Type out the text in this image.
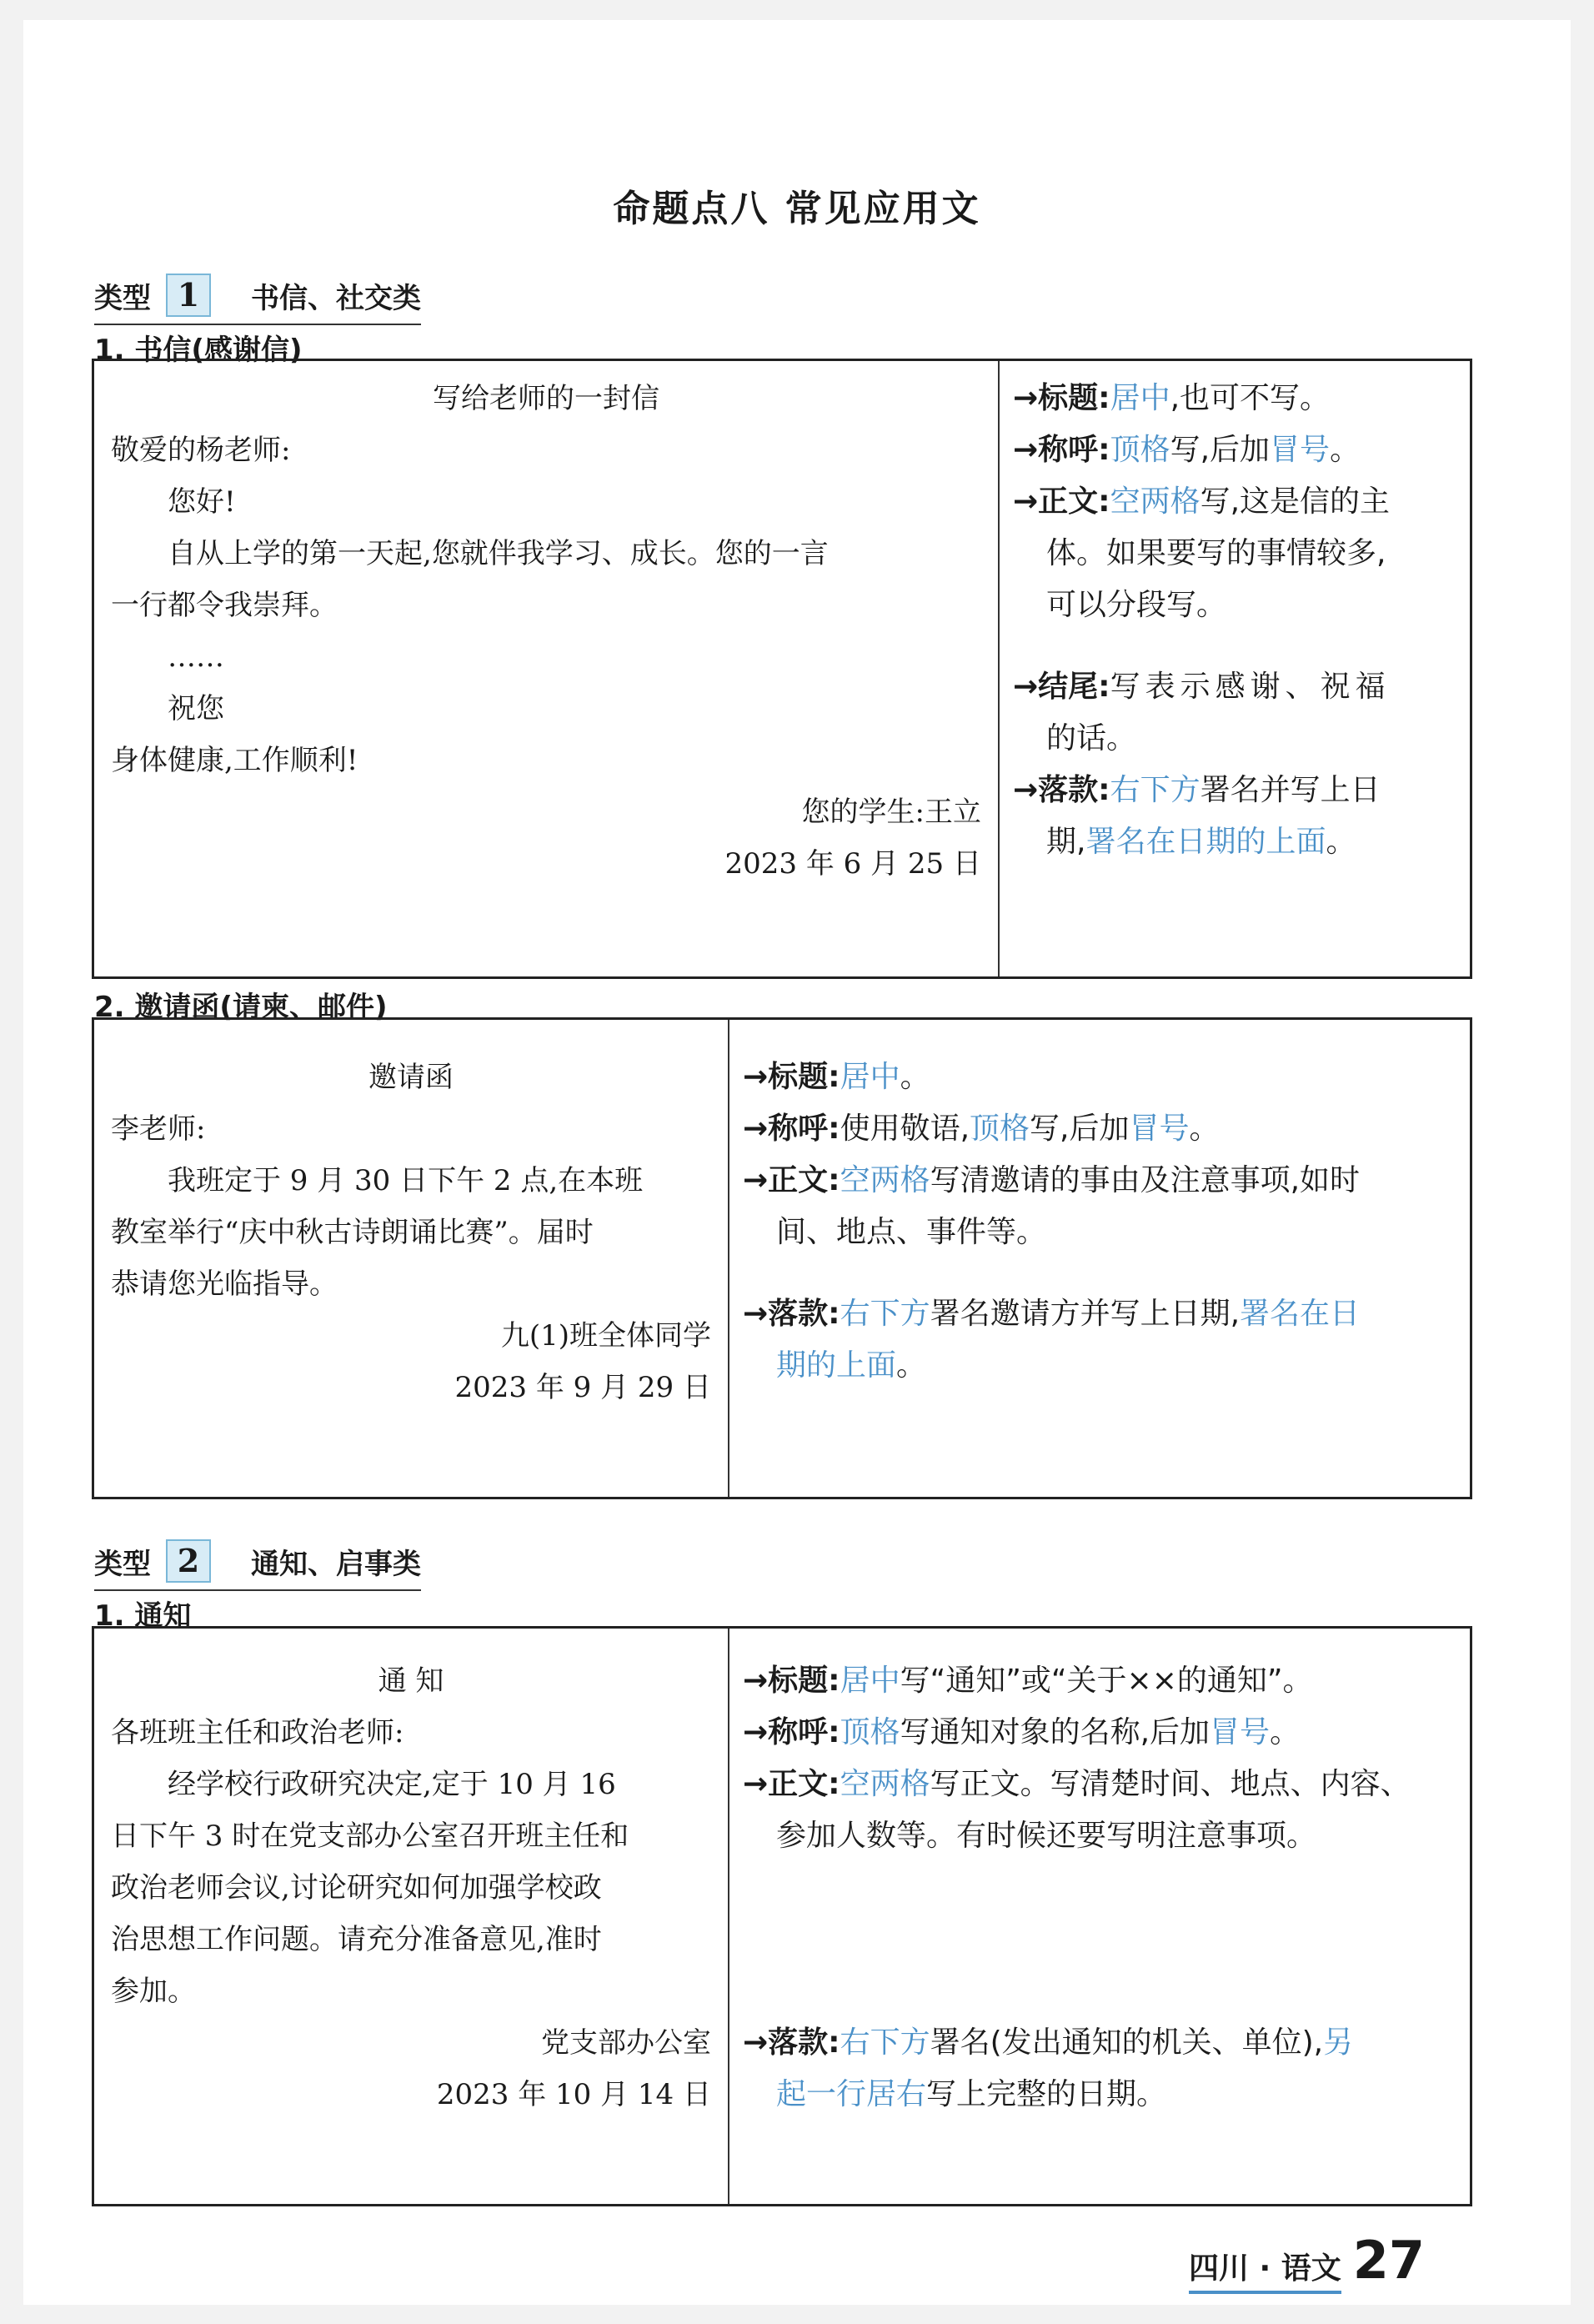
命题点八 常见应用文
类型 1	书信、社交类
1. 书信(感谢信)
写给老师的一封信
敬爱的杨老师:
您好!
自从上学的第一天起,您就伴我学习、成长。您的一言
一行都令我崇拜。
……
祝您
身体健康,工作顺利!
您的学生:王立
2023 年 6 月 25 日
→标题:居中,也可不写。
→称呼:顶格写,后加冒号。
→正文:空两格写,这是信的主
体。如果要写的事情较多,
可以分段写。
→结尾:写表示感谢、祝福
的话。
→落款:右下方署名并写上日
期,署名在日期的上面。
2. 邀请函(请柬、邮件)
邀请函
李老师:
我班定于 9 月 30 日下午 2 点,在本班
教室举行“庆中秋古诗朗诵比赛”。届时
恭请您光临指导。
九(1)班全体同学
2023 年 9 月 29 日
→标题:居中。
→称呼:使用敬语,顶格写,后加冒号。
→正文:空两格写清邀请的事由及注意事项,如时
间、地点、事件等。
→落款:右下方署名邀请方并写上日期,署名在日
期的上面。
类型 2	通知、启事类
1. 通知
通 知
各班班主任和政治老师:
经学校行政研究决定,定于 10 月 16
日下午 3 时在党支部办公室召开班主任和
政治老师会议,讨论研究如何加强学校政
治思想工作问题。请充分准备意见,准时
参加。
党支部办公室
2023 年 10 月 14 日
→标题:居中写“通知”或“关于××的通知”。
→称呼:顶格写通知对象的名称,后加冒号。
→正文:空两格写正文。写清楚时间、地点、内容、
参加人数等。有时候还要写明注意事项。
→落款:右下方署名(发出通知的机关、单位),另
起一行居右写上完整的日期。
四川 · 语文 27
